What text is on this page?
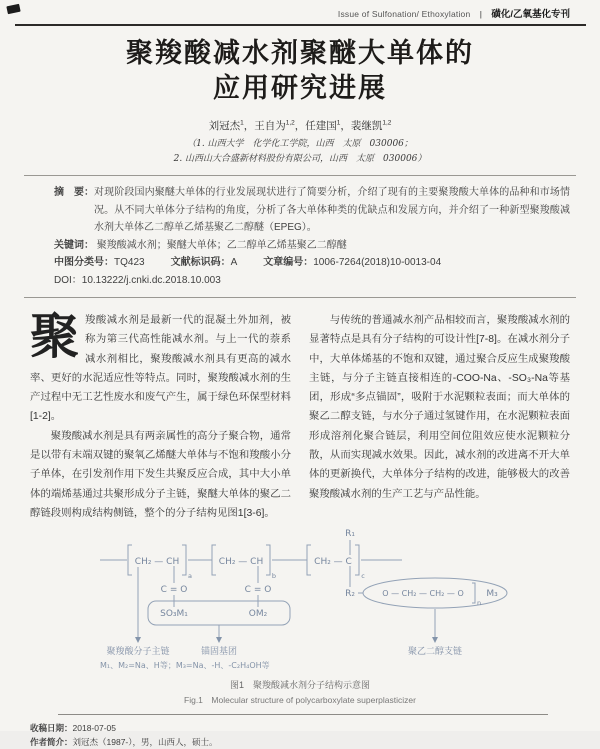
Issue of Sulfonation/ Ethoxylation | 磺化/乙氧基化专刊
聚羧酸减水剂聚醚大单体的
应用研究进展
刘冠杰$^1$，王自为$^{1,2}$，任建国$^1$，裴继凯$^{1,2}$
（1. 山西大学　化学化工学院，山西　太原　030006；
2. 山西山大合盛新材料股份有限公司，山西　太原　030006）
摘　要： 对现阶段国内聚醚大单体的行业发展现状进行了简要分析，介绍了现有的主要聚羧酸大单体的品种和市场情况。从不同大单体分子结构的角度，分析了各大单体种类的优缺点和发展方向，并介绍了一种新型聚羧酸减水剂大单体乙二醇单乙烯基聚乙二醇醚（EPEG）。
关键词： 聚羧酸减水剂；聚醚大单体；乙二醇单乙烯基聚乙二醇醚
中图分类号：TQ423	文献标识码：A	文章编号：1006-7264(2018)10-0013-04
DOI：10.13222/j.cnki.dc.2018.10.003

聚羧酸减水剂是最新一代的混凝土外加剂，被称为第三代高性能减水剂。与上一代的萘系减水剂相比，聚羧酸减水剂具有更高的减水率、更好的水泥适应性等特点。同时，聚羧酸减水剂的生产过程中无工艺性废水和废气产生，属于绿色环保型材料[1-2]。

聚羧酸减水剂是具有两亲属性的高分子聚合物，通常是以带有末端双键的聚氧乙烯醚大单体与不饱和羧酸小分子单体，在引发剂作用下发生共聚反应合成，其中大小单体的端烯基通过共聚形成分子主链，聚醚大单体的聚乙二醇链段则构成结构侧链，整个的分子结构见图1[3-6]。

与传统的普通减水剂产品相较而言，聚羧酸减水剂的显著特点是具有分子结构的可设计性[7-8]。在减水剂分子中，大单体烯基的不饱和双键，通过聚合反应生成聚羧酸主链，与分子主链直接相连的-COO-Na、-SO₃-Na等基团，形成“多点锚固”，吸附于水泥颗粒表面；而大单体的聚乙二醇支链，与水分子通过氢键作用，在水泥颗粒表面形成溶剂化聚合链层，利用空间位阻效应使水泥颗粒分散，从而实现减水效果。因此，减水剂的改进离不开大单体的更新换代，大单体分子结构的改进，能够极大的改善聚羧酸减水剂的生产工艺与产品性能。

CH₂ — CH
a
CH₂ — CH
b
CH₂ — C
c
R₁
C = O
SO₃M₁
C = O
OM₂
R₂	O — CH₂ — CH₂ — O
n
M₃
聚羧酸分子主链	锚固基团	聚乙二醇支链
M₁、M₂=Na、H等；M₃=Na、-H、-C₂H₄OH等
图1　聚羧酸减水剂分子结构示意图
Fig.1　Molecular structure of polycarboxylate superplasticizer
收稿日期：2018-07-05
作者简介：刘冠杰（1987-），男，山西人，硕士。
